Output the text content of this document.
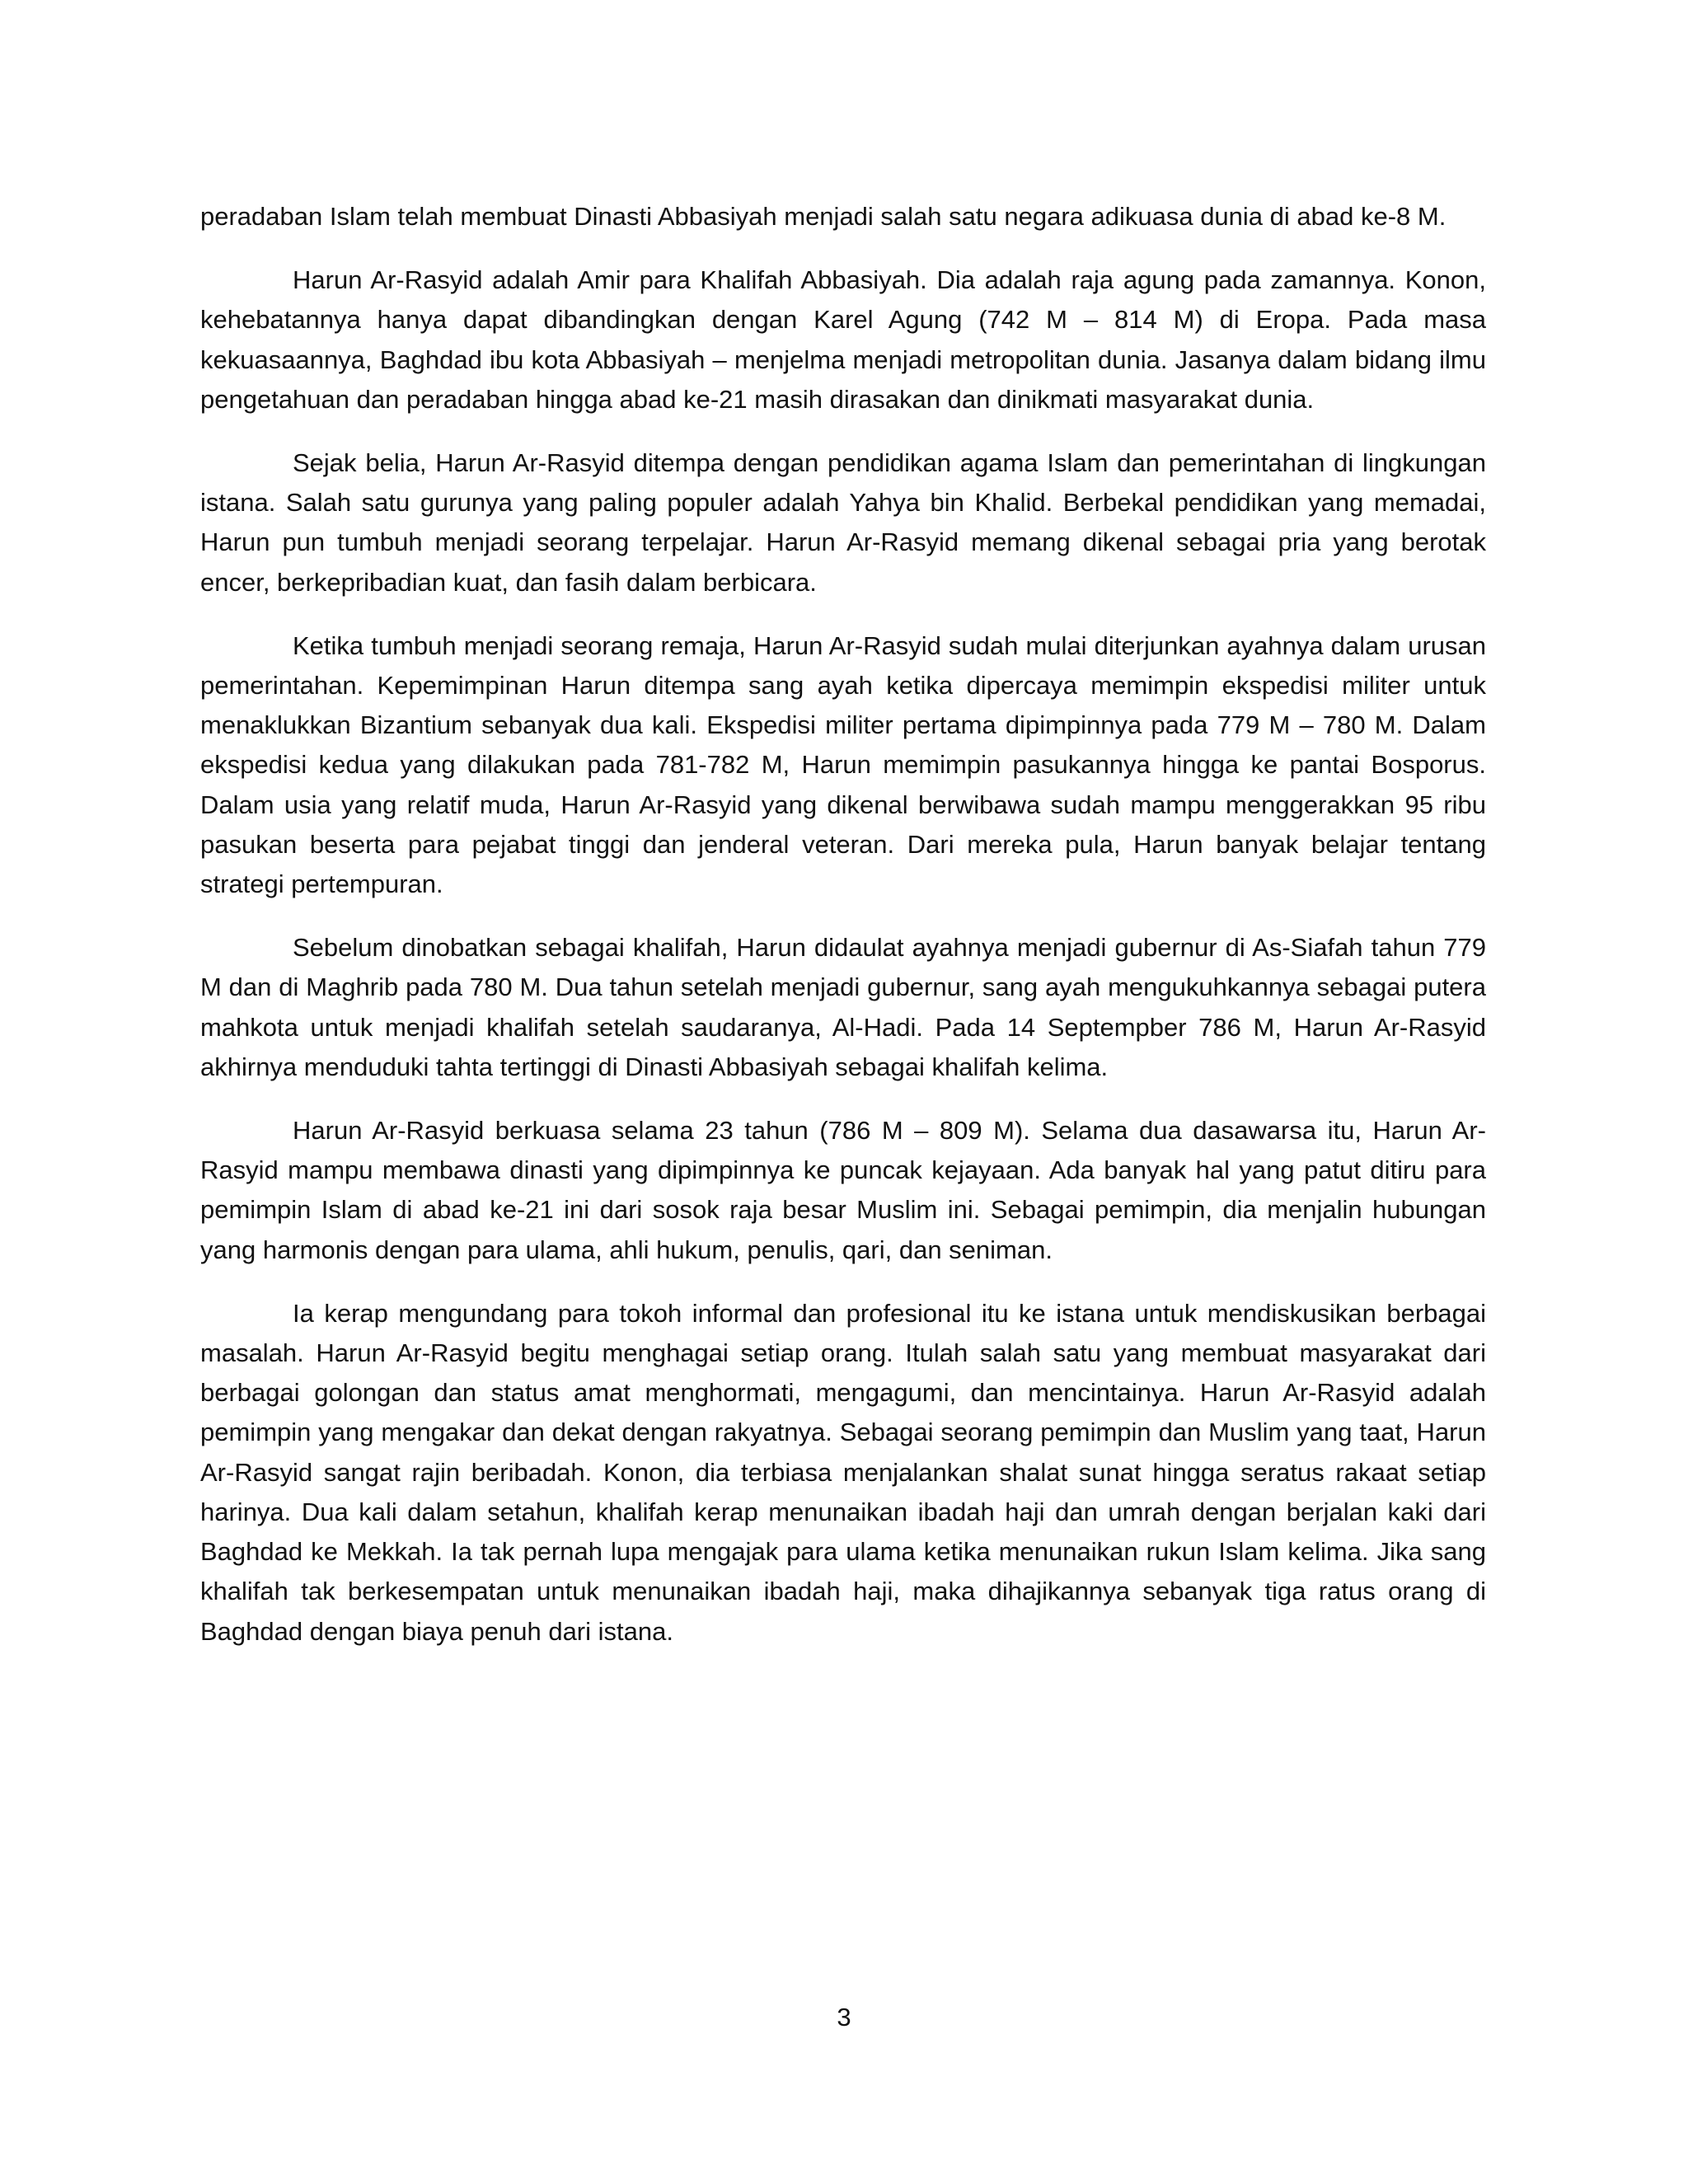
peradaban Islam telah membuat Dinasti Abbasiyah menjadi salah satu negara adikuasa dunia di abad ke-8 M.

Harun Ar-Rasyid adalah Amir para Khalifah Abbasiyah. Dia adalah raja agung pada zamannya. Konon, kehebatannya hanya dapat dibandingkan dengan Karel Agung (742 M – 814 M) di Eropa. Pada masa kekuasaannya, Baghdad ibu kota Abbasiyah – menjelma menjadi metropolitan dunia. Jasanya dalam bidang ilmu pengetahuan dan peradaban hingga abad ke-21 masih dirasakan dan dinikmati masyarakat dunia.

Sejak belia, Harun Ar-Rasyid ditempa dengan pendidikan agama Islam dan pemerintahan di lingkungan istana. Salah satu gurunya yang paling populer adalah Yahya bin Khalid. Berbekal pendidikan yang memadai, Harun pun tumbuh menjadi seorang terpelajar. Harun Ar-Rasyid memang dikenal sebagai pria yang berotak encer, berkepribadian kuat, dan fasih dalam berbicara.

Ketika tumbuh menjadi seorang remaja, Harun Ar-Rasyid sudah mulai diterjunkan ayahnya dalam urusan pemerintahan. Kepemimpinan Harun ditempa sang ayah ketika dipercaya memimpin ekspedisi militer untuk menaklukkan Bizantium sebanyak dua kali. Ekspedisi militer pertama dipimpinnya pada 779 M – 780 M. Dalam ekspedisi kedua yang dilakukan pada 781-782 M, Harun memimpin pasukannya hingga ke pantai Bosporus. Dalam usia yang relatif muda, Harun Ar-Rasyid yang dikenal berwibawa sudah mampu menggerakkan 95 ribu pasukan beserta para pejabat tinggi dan jenderal veteran. Dari mereka pula, Harun banyak belajar tentang strategi pertempuran.

Sebelum dinobatkan sebagai khalifah, Harun didaulat ayahnya menjadi gubernur di As-Siafah tahun 779 M dan di Maghrib pada 780 M. Dua tahun setelah menjadi gubernur, sang ayah mengukuhkannya sebagai putera mahkota untuk menjadi khalifah setelah saudaranya, Al-Hadi. Pada 14 Septempber 786 M, Harun Ar-Rasyid akhirnya menduduki tahta tertinggi di Dinasti Abbasiyah sebagai khalifah kelima.

Harun Ar-Rasyid berkuasa selama 23 tahun (786 M – 809 M). Selama dua dasawarsa itu, Harun Ar-Rasyid mampu membawa dinasti yang dipimpinnya ke puncak kejayaan. Ada banyak hal yang patut ditiru para pemimpin Islam di abad ke-21 ini dari sosok raja besar Muslim ini. Sebagai pemimpin, dia menjalin hubungan yang harmonis dengan para ulama, ahli hukum, penulis, qari, dan seniman.

Ia kerap mengundang para tokoh informal dan profesional itu ke istana untuk mendiskusikan berbagai masalah. Harun Ar-Rasyid begitu menghagai setiap orang. Itulah salah satu yang membuat masyarakat dari berbagai golongan dan status amat menghormati, mengagumi, dan mencintainya. Harun Ar-Rasyid adalah pemimpin yang mengakar dan dekat dengan rakyatnya. Sebagai seorang pemimpin dan Muslim yang taat, Harun Ar-Rasyid sangat rajin beribadah. Konon, dia terbiasa menjalankan shalat sunat hingga seratus rakaat setiap harinya. Dua kali dalam setahun, khalifah kerap menunaikan ibadah haji dan umrah dengan berjalan kaki dari Baghdad ke Mekkah. Ia tak pernah lupa mengajak para ulama ketika menunaikan rukun Islam kelima. Jika sang khalifah tak berkesempatan untuk menunaikan ibadah haji, maka dihajikannya sebanyak tiga ratus orang di Baghdad dengan biaya penuh dari istana.

3
